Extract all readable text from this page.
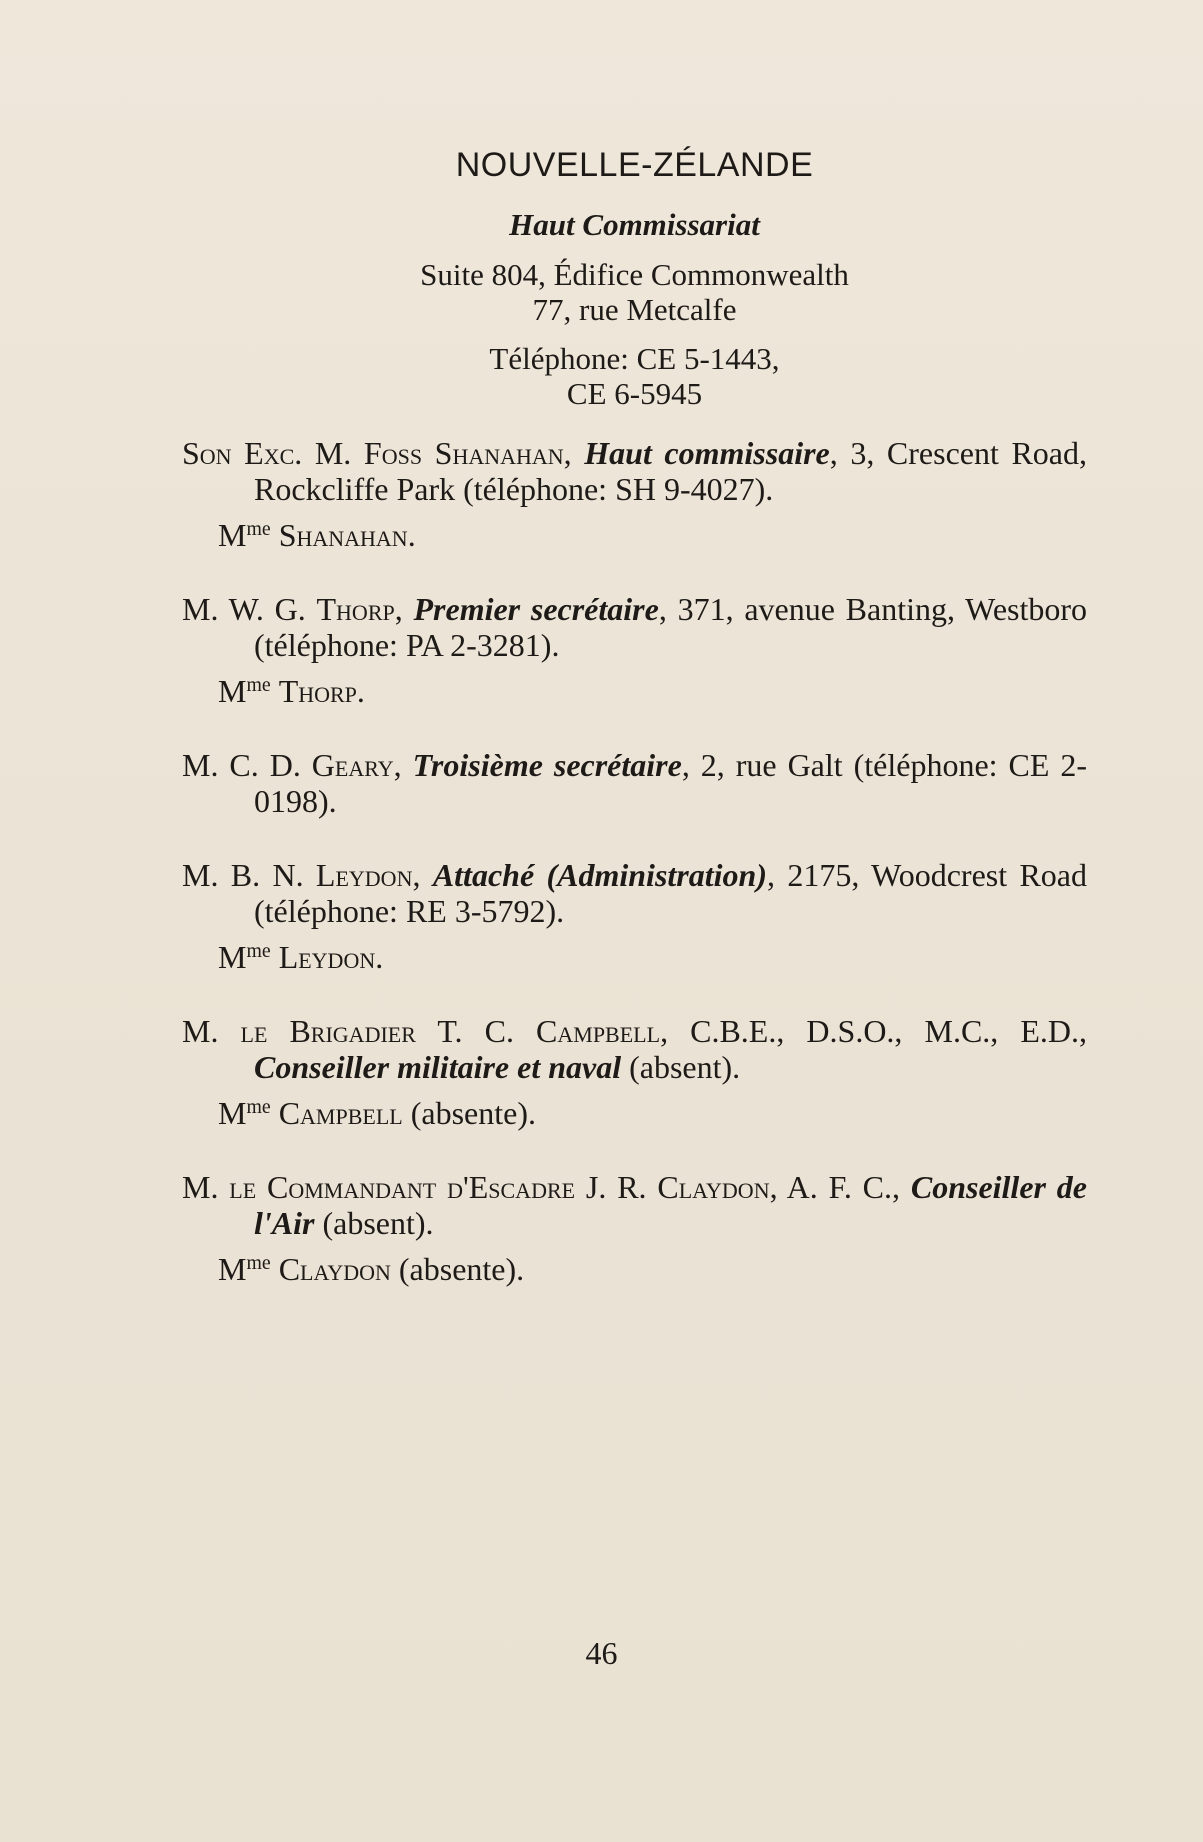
NOUVELLE-ZÉLANDE
Haut Commissariat
Suite 804, Édifice Commonwealth
77, rue Metcalfe
Téléphone: CE 5-1443,
CE 6-5945
Son Exc. M. Foss Shanahan, Haut commissaire, 3, Crescent Road, Rockcliffe Park (téléphone: SH 9-4027).
$M^{me}$ Shanahan.
M. W. G. Thorp, Premier secrétaire, 371, avenue Banting, Westboro (téléphone: PA 2-3281).
$M^{me}$ Thorp.
M. C. D. Geary, Troisième secrétaire, 2, rue Galt (téléphone: CE 2-0198).
M. B. N. Leydon, Attaché (Administration), 2175, Woodcrest Road (téléphone: RE 3-5792).
$M^{me}$ Leydon.
M. le Brigadier T. C. Campbell, C.B.E., D.S.O., M.C., E.D., Conseiller militaire et naval (absent).
$M^{me}$ Campbell (absente).
M. le Commandant d'Escadre J. R. Claydon, A. F. C., Conseiller de l'Air (absent).
$M^{me}$ Claydon (absente).
46
